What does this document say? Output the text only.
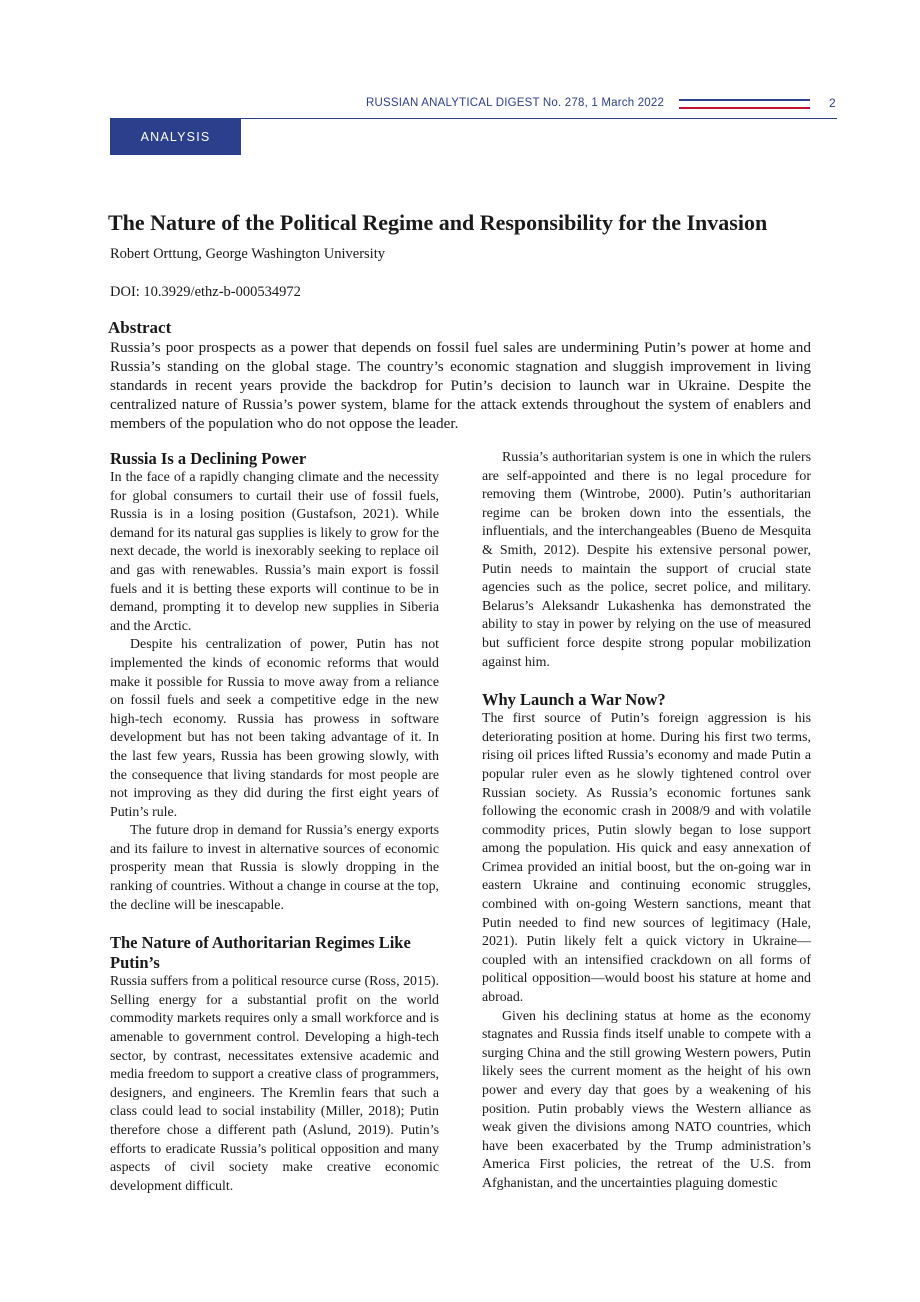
RUSSIAN ANALYTICAL DIGEST No. 278, 1 March 2022	2
ANALYSIS
The Nature of the Political Regime and Responsibility for the Invasion

Robert Orttung, George Washington University

DOI: 10.3929/ethz-b-000534972

Abstract

Russia’s poor prospects as a power that depends on fossil fuel sales are undermining Putin’s power at home and Russia’s standing on the global stage. The country’s economic stagnation and sluggish improvement in living standards in recent years provide the backdrop for Putin’s decision to launch war in Ukraine. Despite the centralized nature of Russia’s power system, blame for the attack extends throughout the system of enablers and members of the population who do not oppose the leader.

Russia Is a Declining Power

In the face of a rapidly changing climate and the necessity for global consumers to curtail their use of fossil fuels, Russia is in a losing position (Gustafson, 2021). While demand for its natural gas supplies is likely to grow for the next decade, the world is inexorably seeking to replace oil and gas with renewables. Russia’s main export is fossil fuels and it is betting these exports will continue to be in demand, prompting it to develop new supplies in Siberia and the Arctic.

Despite his centralization of power, Putin has not implemented the kinds of economic reforms that would make it possible for Russia to move away from a reliance on fossil fuels and seek a competitive edge in the new high-tech economy. Russia has prowess in software development but has not been taking advantage of it. In the last few years, Russia has been growing slowly, with the consequence that living standards for most people are not improving as they did during the first eight years of Putin’s rule.

The future drop in demand for Russia’s energy exports and its failure to invest in alternative sources of economic prosperity mean that Russia is slowly dropping in the ranking of countries. Without a change in course at the top, the decline will be inescapable.

The Nature of Authoritarian Regimes Like Putin’s

Russia suffers from a political resource curse (Ross, 2015). Selling energy for a substantial profit on the world commodity markets requires only a small workforce and is amenable to government control. Developing a high-tech sector, by contrast, necessitates extensive academic and media freedom to support a creative class of programmers, designers, and engineers. The Kremlin fears that such a class could lead to social instability (Miller, 2018); Putin therefore chose a different path (Aslund, 2019). Putin’s efforts to eradicate Russia’s political opposition and many aspects of civil society make creative economic development difficult.

Russia’s authoritarian system is one in which the rulers are self-appointed and there is no legal procedure for removing them (Wintrobe, 2000). Putin’s authoritarian regime can be broken down into the essentials, the influentials, and the interchangeables (Bueno de Mesquita & Smith, 2012). Despite his extensive personal power, Putin needs to maintain the support of crucial state agencies such as the police, secret police, and military. Belarus’s Aleksandr Lukashenka has demonstrated the ability to stay in power by relying on the use of measured but sufficient force despite strong popular mobilization against him.

Why Launch a War Now?

The first source of Putin’s foreign aggression is his deteriorating position at home. During his first two terms, rising oil prices lifted Russia’s economy and made Putin a popular ruler even as he slowly tightened control over Russian society. As Russia’s economic fortunes sank following the economic crash in 2008/9 and with volatile commodity prices, Putin slowly began to lose support among the population. His quick and easy annexation of Crimea provided an initial boost, but the on-going war in eastern Ukraine and continuing economic struggles, combined with on-going Western sanctions, meant that Putin needed to find new sources of legitimacy (Hale, 2021). Putin likely felt a quick victory in Ukraine—coupled with an intensified crackdown on all forms of political opposition—would boost his stature at home and abroad.

Given his declining status at home as the economy stagnates and Russia finds itself unable to compete with a surging China and the still growing Western powers, Putin likely sees the current moment as the height of his own power and every day that goes by a weakening of his position. Putin probably views the Western alliance as weak given the divisions among NATO countries, which have been exacerbated by the Trump administration’s America First policies, the retreat of the U.S. from Afghanistan, and the uncertainties plaguing domestic
